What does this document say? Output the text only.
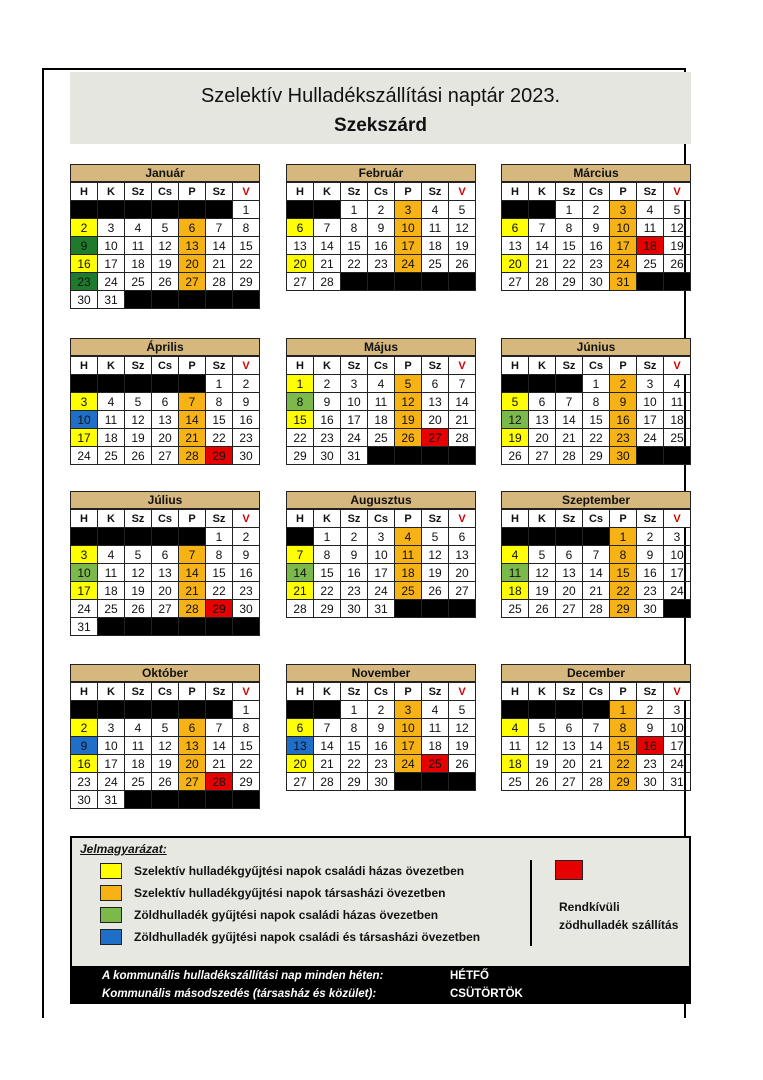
Szelektív Hulladékszállítási naptár 2023.
Szekszárd
Január
H	K	Sz	Cs	P	Sz	V
						1
2	3	4	5	6	7	8
9	10	11	12	13	14	15
16	17	18	19	20	21	22
23	24	25	26	27	28	29
30	31					
Február
H	K	Sz	Cs	P	Sz	V
		1	2	3	4	5
6	7	8	9	10	11	12
13	14	15	16	17	18	19
20	21	22	23	24	25	26
27	28					
Március
H	K	Sz	Cs	P	Sz	V
		1	2	3	4	5
6	7	8	9	10	11	12
13	14	15	16	17	18	19
20	21	22	23	24	25	26
27	28	29	30	31		
Április
H	K	Sz	Cs	P	Sz	V
					1	2
3	4	5	6	7	8	9
10	11	12	13	14	15	16
17	18	19	20	21	22	23
24	25	26	27	28	29	30
Május
H	K	Sz	Cs	P	Sz	V
1	2	3	4	5	6	7
8	9	10	11	12	13	14
15	16	17	18	19	20	21
22	23	24	25	26	27	28
29	30	31				
Június
H	K	Sz	Cs	P	Sz	V
			1	2	3	4
5	6	7	8	9	10	11
12	13	14	15	16	17	18
19	20	21	22	23	24	25
26	27	28	29	30		
Július
H	K	Sz	Cs	P	Sz	V
					1	2
3	4	5	6	7	8	9
10	11	12	13	14	15	16
17	18	19	20	21	22	23
24	25	26	27	28	29	30
31						
Augusztus
H	K	Sz	Cs	P	Sz	V
	1	2	3	4	5	6
7	8	9	10	11	12	13
14	15	16	17	18	19	20
21	22	23	24	25	26	27
28	29	30	31			
Szeptember
H	K	Sz	Cs	P	Sz	V
				1	2	3
4	5	6	7	8	9	10
11	12	13	14	15	16	17
18	19	20	21	22	23	24
25	26	27	28	29	30	
Október
H	K	Sz	Cs	P	Sz	V
						1
2	3	4	5	6	7	8
9	10	11	12	13	14	15
16	17	18	19	20	21	22
23	24	25	26	27	28	29
30	31					
November
H	K	Sz	Cs	P	Sz	V
		1	2	3	4	5
6	7	8	9	10	11	12
13	14	15	16	17	18	19
20	21	22	23	24	25	26
27	28	29	30			
December
H	K	Sz	Cs	P	Sz	V
				1	2	3
4	5	6	7	8	9	10
11	12	13	14	15	16	17
18	19	20	21	22	23	24
25	26	27	28	29	30	31
Jelmagyarázat:
Szelektív hulladékgyűjtési napok családi házas övezetben
Szelektív hulladékgyűjtési napok társasházi övezetben
Zöldhulladék gyűjtési napok családi házas övezetben
Zöldhulladék gyűjtési napok családi és társasházi övezetben
Rendkívüli
zödhulladék szállítás
A kommunális hulladékszállítási nap minden héten:	HÉTFŐ
Kommunális másodszedés (társasház és közület):	CSÜTÖRTÖK
